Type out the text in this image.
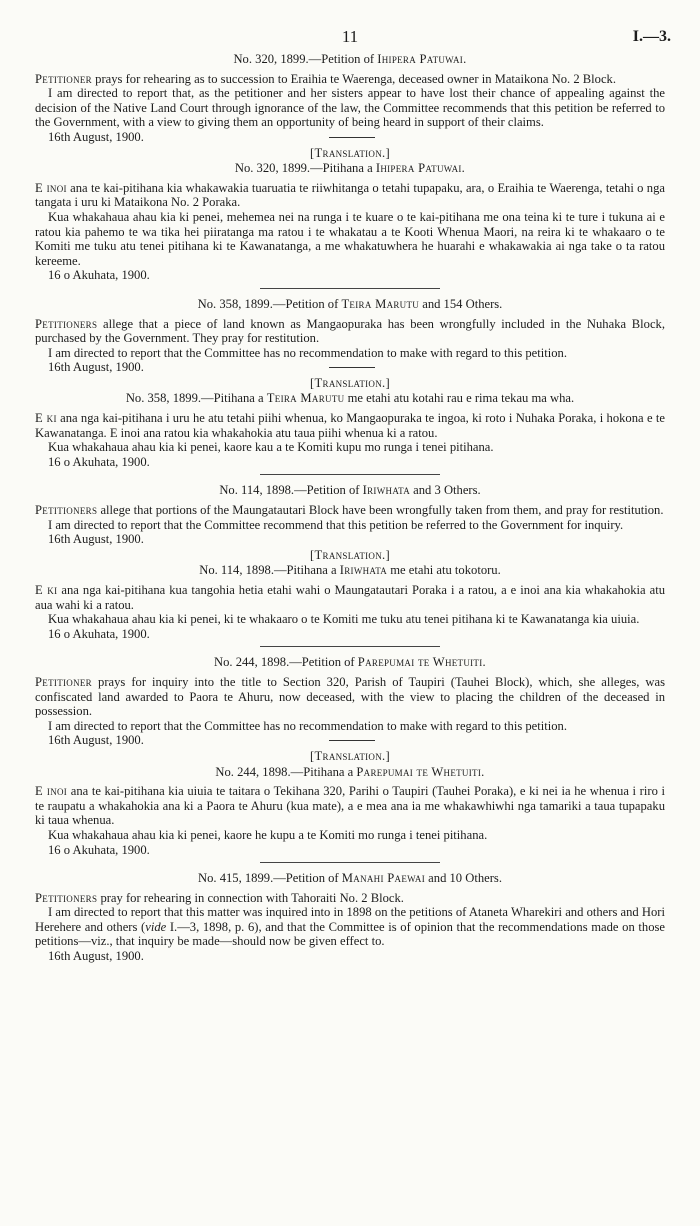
11	I.—3.
No. 320, 1899.—Petition of Ihipera Patuwai.

Petitioner prays for rehearing as to succession to Eraihia te Waerenga, deceased owner in Mataikona No. 2 Block.

I am directed to report that, as the petitioner and her sisters appear to have lost their chance of appealing against the decision of the Native Land Court through ignorance of the law, the Committee recommends that this petition be referred to the Government, with a view to giving them an opportunity of being heard in support of their claims.

16th August, 1900.

[Translation.]
No. 320, 1899.—Pitihana a Ihipera Patuwai.

E inoi ana te kai-pitihana kia whakawakia tuaruatia te riiwhitanga o tetahi tupapaku, ara, o Eraihia te Waerenga, tetahi o nga tangata i uru ki Mataikona No. 2 Poraka.

Kua whakahaua ahau kia ki penei, mehemea nei na runga i te kuare o te kai-pitihana me ona teina ki te ture i tukuna ai e ratou kia pahemo te wa tika hei piiratanga ma ratou i te whakatau a te Kooti Whenua Maori, na reira ki te whakaaro o te Komiti me tuku atu tenei pitihana ki te Kawanatanga, a me whakatuwhera he huarahi e whakawakia ai nga take o ta ratou kereeme.

16 o Akuhata, 1900.

No. 358, 1899.—Petition of Teira Marutu and 154 Others.

Petitioners allege that a piece of land known as Mangaopuraka has been wrongfully included in the Nuhaka Block, purchased by the Government. They pray for restitution.

I am directed to report that the Committee has no recommendation to make with regard to this petition.

16th August, 1900.

[Translation.]
No. 358, 1899.—Pitihana a Teira Marutu me etahi atu kotahi rau e rima tekau ma wha.

E ki ana nga kai-pitihana i uru he atu tetahi piihi whenua, ko Mangaopuraka te ingoa, ki roto i Nuhaka Poraka, i hokona e te Kawanatanga. E inoi ana ratou kia whakahokia atu taua piihi whenua ki a ratou.

Kua whakahaua ahau kia ki penei, kaore kau a te Komiti kupu mo runga i tenei pitihana.

16 o Akuhata, 1900.

No. 114, 1898.—Petition of Iriwhata and 3 Others.

Petitioners allege that portions of the Maungatautari Block have been wrongfully taken from them, and pray for restitution.

I am directed to report that the Committee recommend that this petition be referred to the Government for inquiry.

16th August, 1900.

[Translation.]
No. 114, 1898.—Pitihana a Iriwhata me etahi atu tokotoru.

E ki ana nga kai-pitihana kua tangohia hetia etahi wahi o Maungatautari Poraka i a ratou, a e inoi ana kia whakahokia atu aua wahi ki a ratou.

Kua whakahaua ahau kia ki penei, ki te whakaaro o te Komiti me tuku atu tenei pitihana ki te Kawanatanga kia uiuia.

16 o Akuhata, 1900.

No. 244, 1898.—Petition of Parepumai te Whetuiti.

Petitioner prays for inquiry into the title to Section 320, Parish of Taupiri (Tauhei Block), which, she alleges, was confiscated land awarded to Paora te Ahuru, now deceased, with the view to placing the children of the deceased in possession.

I am directed to report that the Committee has no recommendation to make with regard to this petition.

16th August, 1900.

[Translation.]
No. 244, 1898.—Pitihana a Parepumai te Whetuiti.

E inoi ana te kai-pitihana kia uiuia te taitara o Tekihana 320, Parihi o Taupiri (Tauhei Poraka), e ki nei ia he whenua i riro i te raupatu a whakahokia ana ki a Paora te Ahuru (kua mate), a e mea ana ia me whakawhiwhi nga tamariki a taua tupapaku ki taua whenua.

Kua whakahaua ahau kia ki penei, kaore he kupu a te Komiti mo runga i tenei pitihana.

16 o Akuhata, 1900.

No. 415, 1899.—Petition of Manahi Paewai and 10 Others.

Petitioners pray for rehearing in connection with Tahoraiti No. 2 Block.

I am directed to report that this matter was inquired into in 1898 on the petitions of Ataneta Wharekiri and others and Hori Herehere and others (vide I.—3, 1898, p. 6), and that the Committee is of opinion that the recommendations made on those petitions—viz., that inquiry be made—should now be given effect to.

16th August, 1900.
